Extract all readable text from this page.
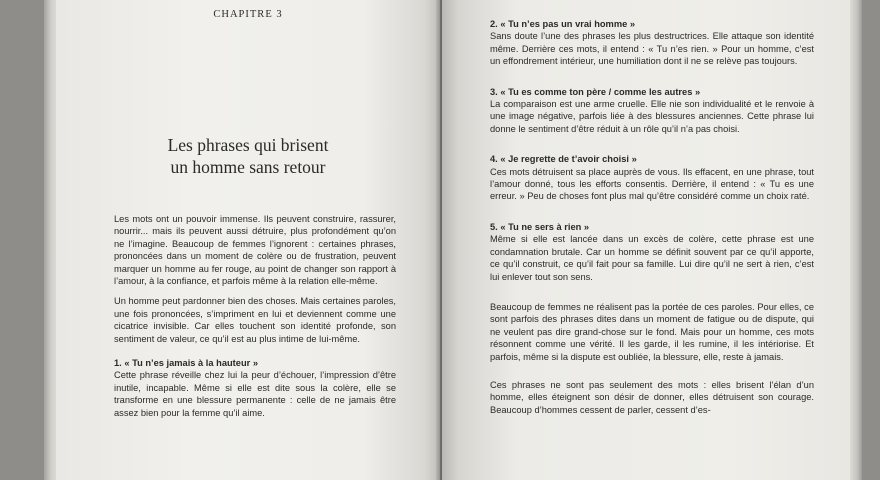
CHAPITRE 3
Les phrases qui brisent
un homme sans retour

Les mots ont un pouvoir immense. Ils peuvent construire, rassurer, nourrir... mais ils peuvent aussi détruire, plus profondément qu’on ne l’imagine. Beaucoup de femmes l’ignorent : certaines phrases, prononcées dans un moment de colère ou de frustration, peuvent marquer un homme au fer rouge, au point de changer son rapport à l’amour, à la confiance, et parfois même à la relation elle-même.

Un homme peut pardonner bien des choses. Mais certaines paroles, une fois prononcées, s’impriment en lui et deviennent comme une cicatrice invisible. Car elles touchent son identité profonde, son sentiment de valeur, ce qu’il est au plus intime de lui-même.

1. « Tu n’es jamais à la hauteur »

Cette phrase réveille chez lui la peur d’échouer, l’impression d’être inutile, incapable. Même si elle est dite sous la colère, elle se transforme en une blessure permanente : celle de ne jamais être assez bien pour la femme qu’il aime.

2. « Tu n’es pas un vrai homme »

Sans doute l’une des phrases les plus destructrices. Elle attaque son identité même. Derrière ces mots, il entend : « Tu n’es rien. » Pour un homme, c’est un effondrement intérieur, une humiliation dont il ne se relève pas toujours.

3. « Tu es comme ton père / comme les autres »

La comparaison est une arme cruelle. Elle nie son individualité et le renvoie à une image négative, parfois liée à des blessures anciennes. Cette phrase lui donne le sentiment d’être réduit à un rôle qu’il n’a pas choisi.

4. « Je regrette de t’avoir choisi »

Ces mots détruisent sa place auprès de vous. Ils effacent, en une phrase, tout l’amour donné, tous les efforts consentis. Derrière, il entend : « Tu es une erreur. » Peu de choses font plus mal qu’être considéré comme un choix raté.

5. « Tu ne sers à rien »

Même si elle est lancée dans un excès de colère, cette phrase est une condamnation brutale. Car un homme se définit souvent par ce qu’il apporte, ce qu’il construit, ce qu’il fait pour sa famille. Lui dire qu’il ne sert à rien, c’est lui enlever tout son sens.

Beaucoup de femmes ne réalisent pas la portée de ces paroles. Pour elles, ce sont parfois des phrases dites dans un moment de fatigue ou de dispute, qui ne veulent pas dire grand-chose sur le fond. Mais pour un homme, ces mots résonnent comme une vérité. Il les garde, il les rumine, il les intériorise. Et parfois, même si la dispute est oubliée, la blessure, elle, reste à jamais.

Ces phrases ne sont pas seulement des mots : elles brisent l’élan d’un homme, elles éteignent son désir de donner, elles détruisent son courage. Beaucoup d’hommes cessent de parler, cessent d’es-
